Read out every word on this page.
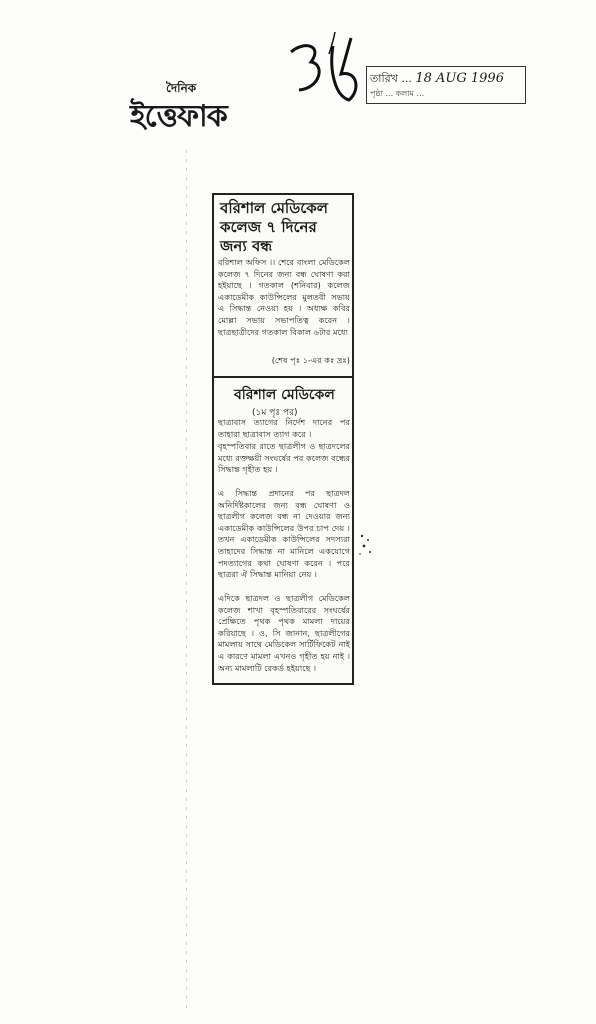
দৈনিক
ইত্তেফাক
তারিখ ... 18 AUG 1996
পৃষ্ঠা ... কলাম ...
বরিশাল মেডিকেল কলেজ ৭ দিনের জন্য বন্ধ
বরিশাল অফিস ।। শেরে বাংলা মেডিকেল কলেজ ৭ দিনের জন্য বন্ধ ঘোষণা করা হইয়াছে । গতকাল (শনিবার) কলেজ একাডেমীক কাউন্সিলের মুলতবী সভায় এ সিদ্ধান্ত নেওয়া হয় । অধ্যক্ষ কবির মোল্লা সভায় সভাপতিত্ব করেন । ছাত্রছাত্রীদের গতকাল বিকাল ৬টার মধ্যে
(শেষ পৃঃ ১-এর কঃ দ্রঃ)
বরিশাল মেডিকেল
(১ম পৃঃ পর)
ছাত্রাবাস ত্যাগের নির্দেশ দানের পর তাহারা ছাত্রাবাস ত্যাগ করে ।
বৃহস্পতিবার রাতে ছাত্রলীগ ও ছাত্রদলের মধ্যে রক্তক্ষয়ী সংঘর্ষের পর কলেজ বন্ধের সিদ্ধান্ত গৃহীত হয় ।
এ সিদ্ধান্ত প্রদানের পর ছাত্রদল অনির্দিষ্টকালের জন্য বন্ধ ঘোষণা ও ছাত্রলীগ কলেজ বন্ধ না দেওয়ার জন্য একাডেমীক কাউন্সিলের উপর চাপ দেয় । তখন একাডেমীক কাউন্সিলের সদস্যরা তাহাদের সিদ্ধান্ত না মানিলে একযোগে পদত্যাগের কথা ঘোষণা করেন । পরে ছাত্ররা ঐ সিদ্ধান্ত মানিয়া নেয় ।
এদিকে ছাত্রদল ও ছাত্রলীগ মেডিকেল কলেজ শাখা বৃহস্পতিবারের সংঘর্ষের প্রেক্ষিতে পৃথক পৃথক মামলা দায়ের করিয়াছে । ও, সি জানান, ছাত্রলীগের মামলায় সাথে মেডিকেল সার্টিফিকেট নাই এ কারণে মামলা এখনও গৃহীত হয় নাই । অন্য মামলাটি রেকর্ড হইয়াছে ।
